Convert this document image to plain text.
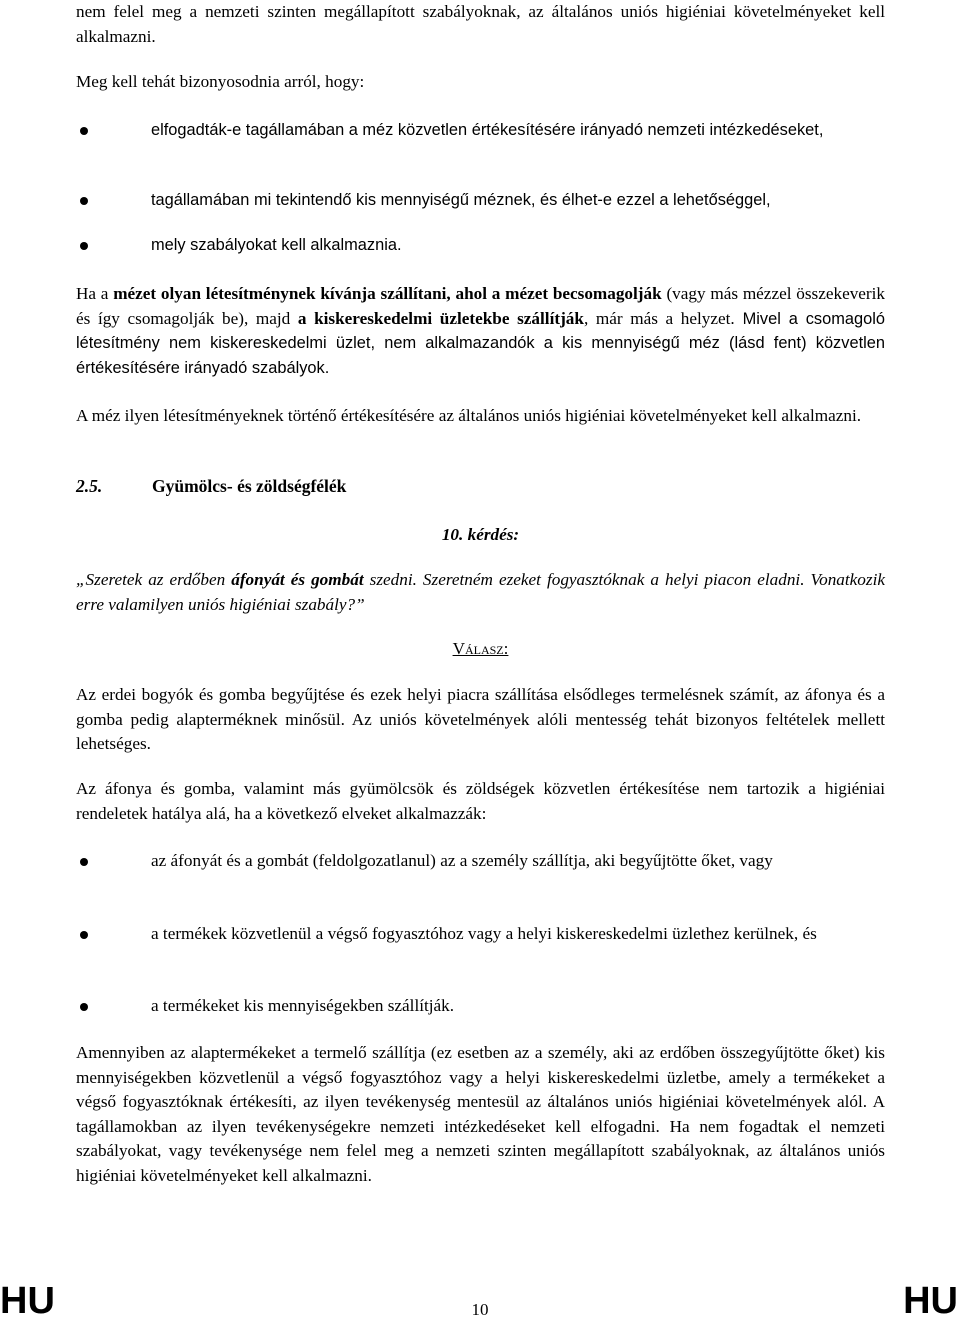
nem felel meg a nemzeti szinten megállapított szabályoknak, az általános uniós higiéniai követelményeket kell alkalmazni.

Meg kell tehát bizonyosodnia arról, hogy:

elfogadták-e tagállamában a méz közvetlen értékesítésére irányadó nemzeti intézkedéseket,

tagállamában mi tekintendő kis mennyiségű méznek, és élhet-e ezzel a lehetőséggel,

mely szabályokat kell alkalmaznia.

Ha a mézet olyan létesítménynek kívánja szállítani, ahol a mézet becsomagolják (vagy más mézzel összekeverik és így csomagolják be), majd a kiskereskedelmi üzletekbe szállítják, már más a helyzet. Mivel a csomagoló létesítmény nem kiskereskedelmi üzlet, nem alkalmazandók a kis mennyiségű méz (lásd fent) közvetlen értékesítésére irányadó szabályok.

A méz ilyen létesítményeknek történő értékesítésére az általános uniós higiéniai követelményeket kell alkalmazni.

2.5.	Gyümölcs- és zöldségfélék
10. kérdés:

„Szeretek az erdőben áfonyát és gombát szedni. Szeretném ezeket fogyasztóknak a helyi piacon eladni. Vonatkozik erre valamilyen uniós higiéniai szabály?”

Válasz:

Az erdei bogyók és gomba begyűjtése és ezek helyi piacra szállítása elsődleges termelésnek számít, az áfonya és a gomba pedig alapterméknek minősül. Az uniós követelmények alóli mentesség tehát bizonyos feltételek mellett lehetséges.

Az áfonya és gomba, valamint más gyümölcsök és zöldségek közvetlen értékesítése nem tartozik a higiéniai rendeletek hatálya alá, ha a következő elveket alkalmazzák:

az áfonyát és a gombát (feldolgozatlanul) az a személy szállítja, aki begyűjtötte őket, vagy

a termékek közvetlenül a végső fogyasztóhoz vagy a helyi kiskereskedelmi üzlethez kerülnek, és

a termékeket kis mennyiségekben szállítják.

Amennyiben az alaptermékeket a termelő szállítja (ez esetben az a személy, aki az erdőben összegyűjtötte őket) kis mennyiségekben közvetlenül a végső fogyasztóhoz vagy a helyi kiskereskedelmi üzletbe, amely a termékeket a végső fogyasztóknak értékesíti, az ilyen tevékenység mentesül az általános uniós higiéniai követelmények alól. A tagállamokban az ilyen tevékenységekre nemzeti intézkedéseket kell elfogadni. Ha nem fogadtak el nemzeti szabályokat, vagy tevékenysége nem felel meg a nemzeti szinten megállapított szabályoknak, az általános uniós higiéniai követelményeket kell alkalmazni.

HU	10	HU
